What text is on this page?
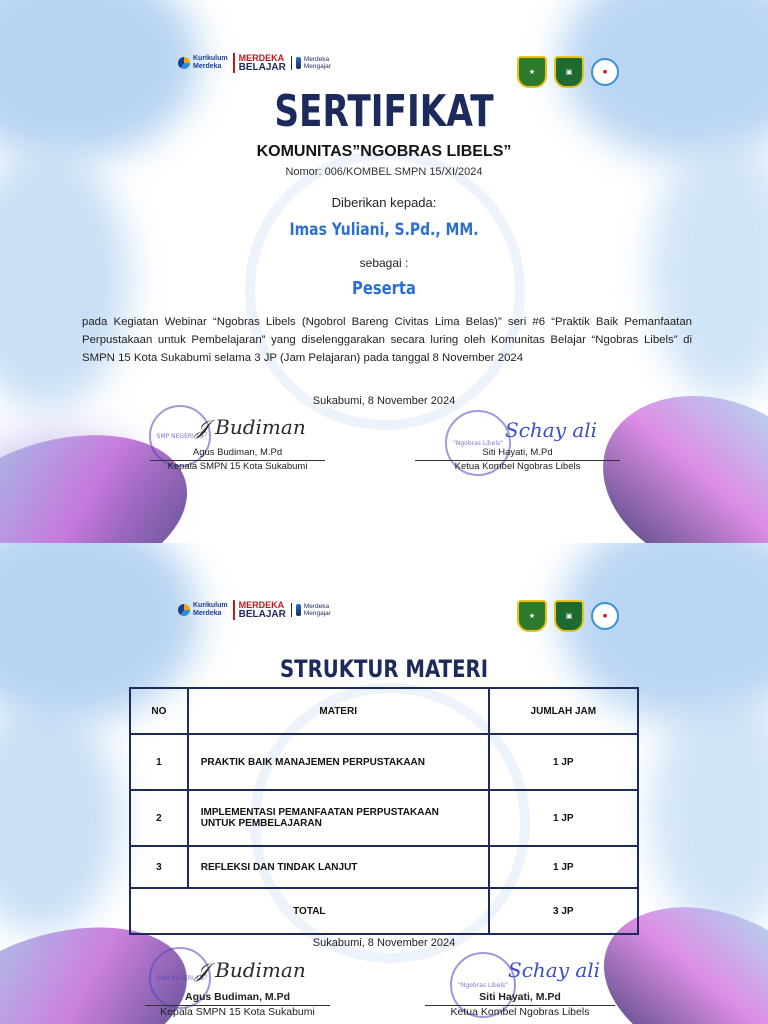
Kurikulum
Merdeka
MERDEKA
BELAJAR
Merdeka
Mengajar
★	▣	●
SERTIFIKAT
KOMUNITAS”NGOBRAS LIBELS”
Nomor: 006/KOMBEL SMPN 15/XI/2024
Diberikan kepada:
Imas Yuliani, S.Pd., MM.
sebagai :
Peserta
pada Kegiatan Webinar “Ngobras Libels (Ngobrol Bareng Civitas Lima Belas)” seri #6 “Praktik Baik Pemanfaatan Perpustakaan untuk Pembelajaran” yang diselenggarakan secara luring oleh Komunitas Belajar “Ngobras Libels” di SMPN 15 Kota Sukabumi selama 3 JP (Jam Pelajaran) pada tanggal 8 November 2024
Sukabumi, 8 November 2024
SMP NEGERI 15
𝒥 Budiman
Agus Budiman, M.Pd
Kepala SMPN 15 Kota Sukabumi
"Ngobras Libels"
Schay ali
Siti Hayati, M.Pd
Ketua Kombel Ngobras Libels
Kurikulum
Merdeka
MERDEKA
BELAJAR
Merdeka
Mengajar	★	▣	●
STRUKTUR MATERI
NO	MATERI	JUMLAH JAM
1	PRAKTIK BAIK MANAJEMEN PERPUSTAKAAN	1 JP
2	IMPLEMENTASI PEMANFAATAN PERPUSTAKAAN UNTUK PEMBELAJARAN	1 JP
3	REFLEKSI DAN TINDAK LANJUT	1 JP
TOTAL		3 JP
Sukabumi, 8 November 2024
SMP NEGERI 15
𝒥 Budiman
Agus Budiman, M.Pd
Kepala SMPN 15 Kota Sukabumi
"Ngobras Libels"
Schay ali
Siti Hayati, M.Pd
Ketua Kombel Ngobras Libels
